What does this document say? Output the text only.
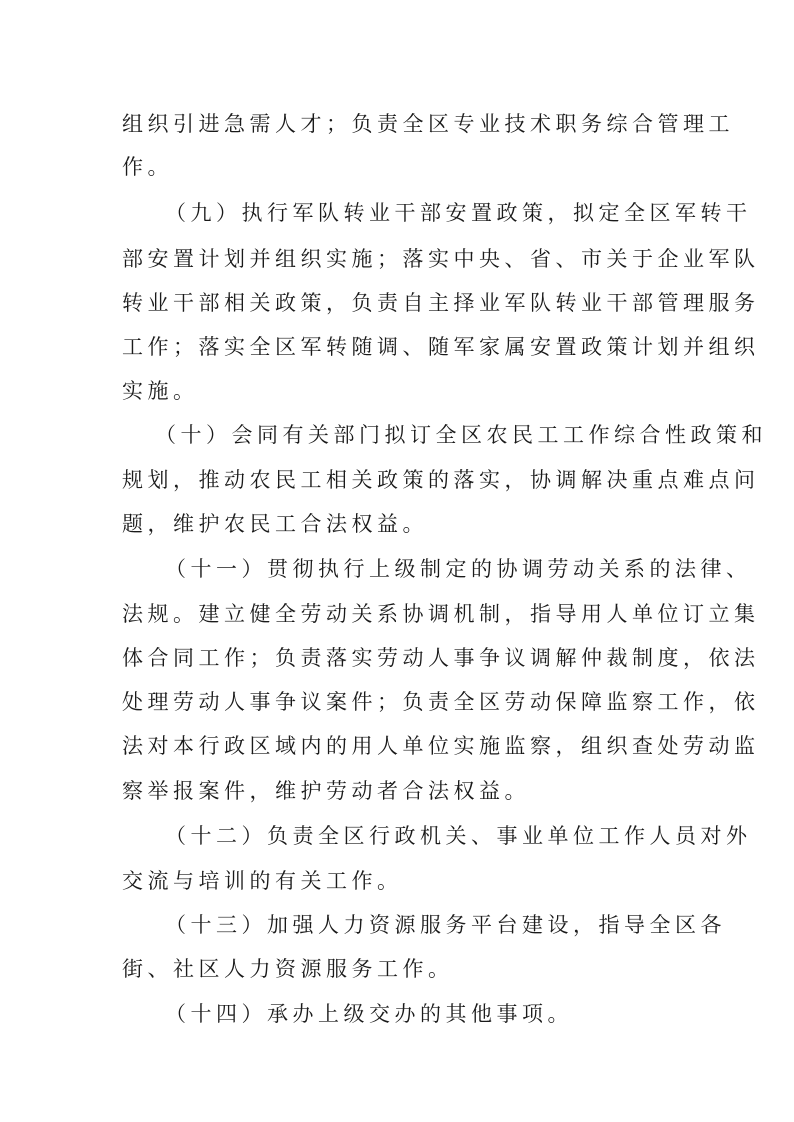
组织引进急需人才；负责全区专业技术职务综合管理工
作。
（九）执行军队转业干部安置政策，拟定全区军转干
部安置计划并组织实施；落实中央、省、市关于企业军队
转业干部相关政策，负责自主择业军队转业干部管理服务
工作；落实全区军转随调、随军家属安置政策计划并组织
实施。
（十）会同有关部门拟订全区农民工工作综合性政策和
规划，推动农民工相关政策的落实，协调解决重点难点问
题，维护农民工合法权益。
（十一）贯彻执行上级制定的协调劳动关系的法律、
法规。建立健全劳动关系协调机制，指导用人单位订立集
体合同工作；负责落实劳动人事争议调解仲裁制度，依法
处理劳动人事争议案件；负责全区劳动保障监察工作，依
法对本行政区域内的用人单位实施监察，组织查处劳动监
察举报案件，维护劳动者合法权益。
（十二）负责全区行政机关、事业单位工作人员对外
交流与培训的有关工作。
（十三）加强人力资源服务平台建设，指导全区各
街、社区人力资源服务工作。
（十四）承办上级交办的其他事项。
